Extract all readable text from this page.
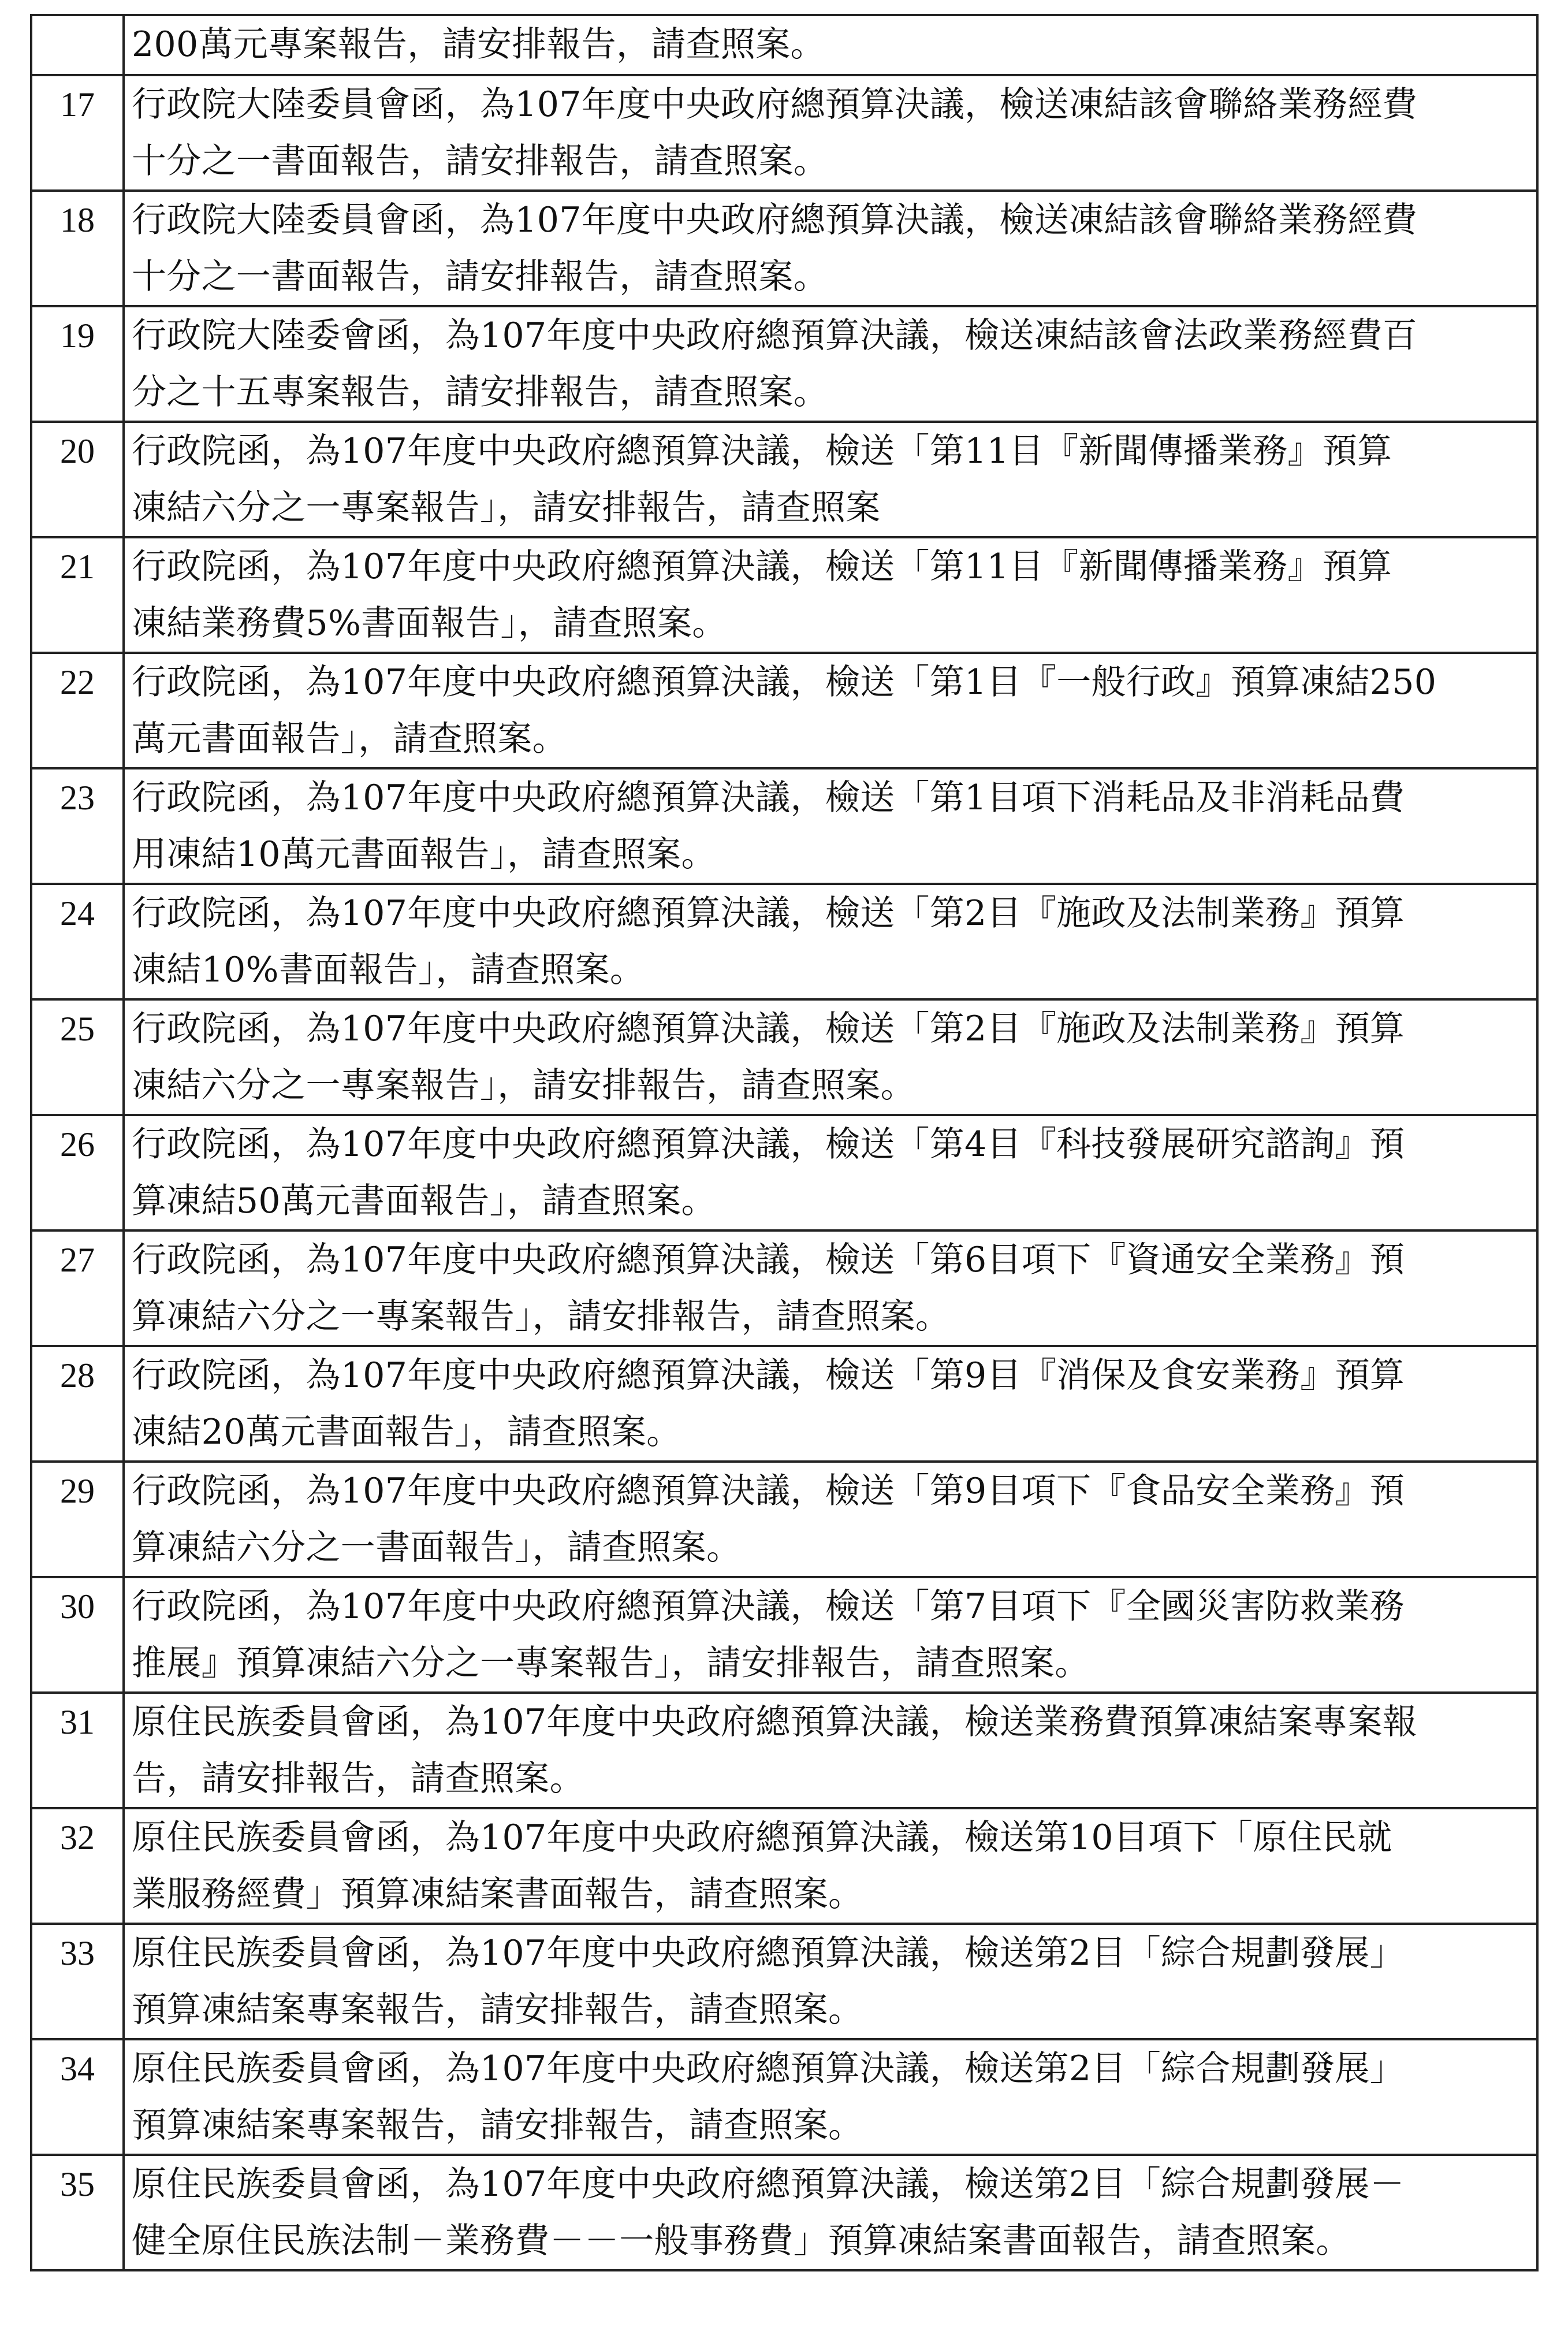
	200萬元專案報告，請安排報告，請查照案。

17	行政院大陸委員會函，為107年度中央政府總預算決議，檢送凍結該會聯絡業務經費
十分之一書面報告，請安排報告，請查照案。

18	行政院大陸委員會函，為107年度中央政府總預算決議，檢送凍結該會聯絡業務經費
十分之一書面報告，請安排報告，請查照案。

19	行政院大陸委會函，為107年度中央政府總預算決議，檢送凍結該會法政業務經費百
分之十五專案報告，請安排報告，請查照案。

20	行政院函，為107年度中央政府總預算決議，檢送「第11目『新聞傳播業務』預算
凍結六分之一專案報告」，請安排報告，請查照案

21	行政院函，為107年度中央政府總預算決議，檢送「第11目『新聞傳播業務』預算
凍結業務費5%書面報告」，請查照案。

22	行政院函，為107年度中央政府總預算決議，檢送「第1目『一般行政』預算凍結250
萬元書面報告」，請查照案。

23	行政院函，為107年度中央政府總預算決議，檢送「第1目項下消耗品及非消耗品費
用凍結10萬元書面報告」，請查照案。

24	行政院函，為107年度中央政府總預算決議，檢送「第2目『施政及法制業務』預算
凍結10%書面報告」，請查照案。

25	行政院函，為107年度中央政府總預算決議，檢送「第2目『施政及法制業務』預算
凍結六分之一專案報告」，請安排報告，請查照案。

26	行政院函，為107年度中央政府總預算決議，檢送「第4目『科技發展研究諮詢』預
算凍結50萬元書面報告」，請查照案。

27	行政院函，為107年度中央政府總預算決議，檢送「第6目項下『資通安全業務』預
算凍結六分之一專案報告」，請安排報告，請查照案。

28	行政院函，為107年度中央政府總預算決議，檢送「第9目『消保及食安業務』預算
凍結20萬元書面報告」，請查照案。

29	行政院函，為107年度中央政府總預算決議，檢送「第9目項下『食品安全業務』預
算凍結六分之一書面報告」，請查照案。

30	行政院函，為107年度中央政府總預算決議，檢送「第7目項下『全國災害防救業務
推展』預算凍結六分之一專案報告」，請安排報告，請查照案。

31	原住民族委員會函，為107年度中央政府總預算決議，檢送業務費預算凍結案專案報
告，請安排報告，請查照案。

32	原住民族委員會函，為107年度中央政府總預算決議，檢送第10目項下「原住民就
業服務經費」預算凍結案書面報告，請查照案。

33	原住民族委員會函，為107年度中央政府總預算決議，檢送第2目「綜合規劃發展」
預算凍結案專案報告，請安排報告，請查照案。

34	原住民族委員會函，為107年度中央政府總預算決議，檢送第2目「綜合規劃發展」
預算凍結案專案報告，請安排報告，請查照案。

35	原住民族委員會函，為107年度中央政府總預算決議，檢送第2目「綜合規劃發展－
健全原住民族法制－業務費－－一般事務費」預算凍結案書面報告，請查照案。
